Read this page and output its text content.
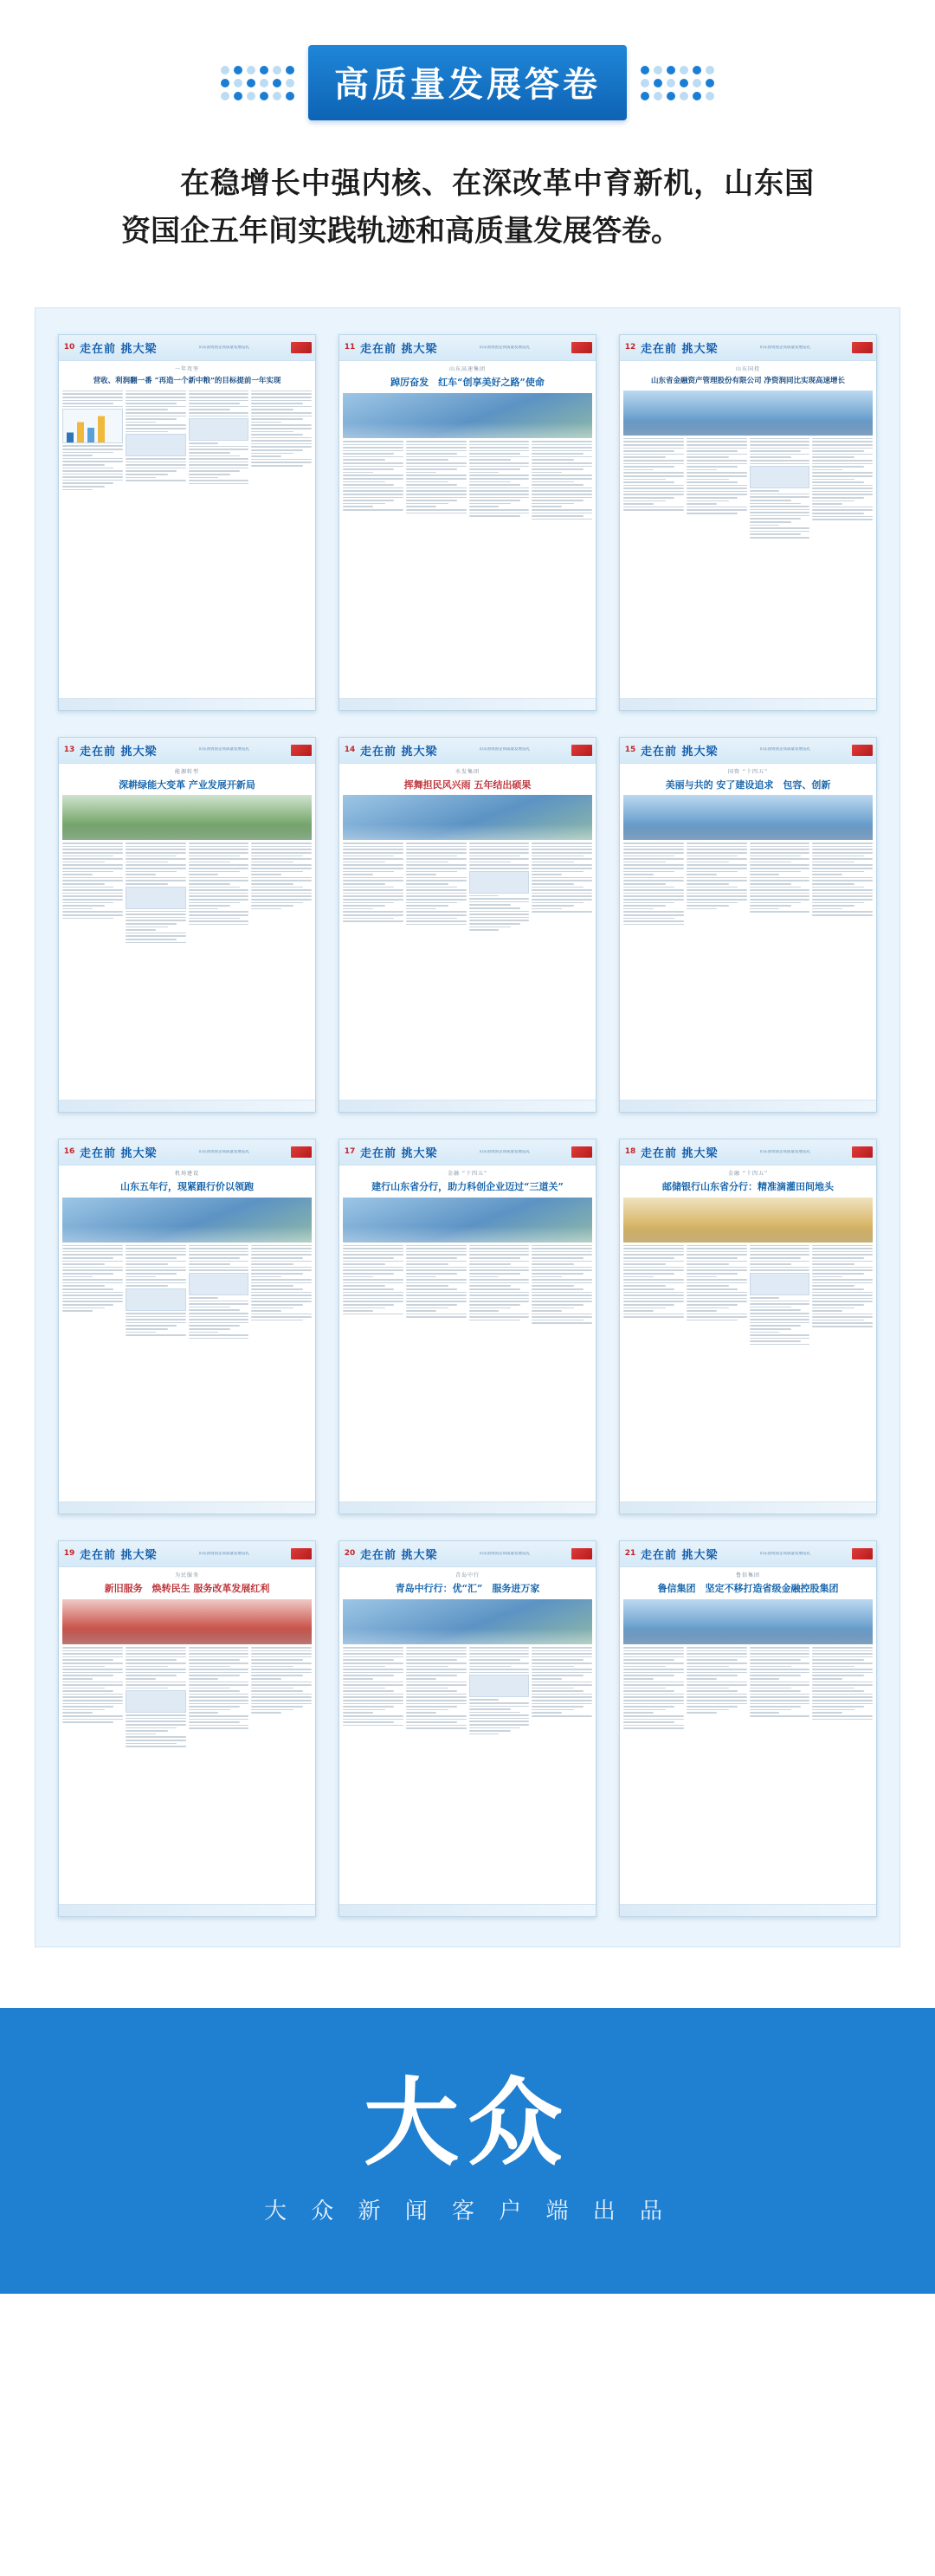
高质量发展答卷

在稳增长中强内核、在深改革中育新机，山东国资国企五年间实践轨迹和高质量发展答卷。

10 走在前 挑大梁	山东国资国企高质量发展巡礼
一年攻坚
营收、利润翻一番 “再造一个新中粮”的目标提前一年实现
11 走在前 挑大梁	山东国资国企高质量发展巡礼
山东高速集团
踔厉奋发　红车“创享美好之路”使命
12 走在前 挑大梁	山东国资国企高质量发展巡礼
山东国投
山东省金融资产管理股份有限公司 净资润同比实现高速增长
13 走在前 挑大梁	山东国资国企高质量发展巡礼
能源转型
深耕绿能大变革 产业发展开新局
14 走在前 挑大梁	山东国资国企高质量发展巡礼
水发集团
挥舞担民风兴雨 五年结出硕果
15 走在前 挑大梁	山东国资国企高质量发展巡礼
国资 “十四五”
美丽与共的 安了建设追求　包容、创新
16 走在前 挑大梁	山东国资国企高质量发展巡礼
机场建设
山东五年行，现紧跟行价以领跑
17 走在前 挑大梁	山东国资国企高质量发展巡礼
金融 “十四五”
建行山东省分行，助力科创企业迈过“三道关”
18 走在前 挑大梁	山东国资国企高质量发展巡礼
金融 “十四五”
邮储银行山东省分行：精准滴灌田间地头
19 走在前 挑大梁	山东国资国企高质量发展巡礼
为民服务
新旧服务　焕转民生 服务改革发展红利
20 走在前 挑大梁	山东国资国企高质量发展巡礼
青岛中行
青岛中行行：优“汇”　服务进万家
21 走在前 挑大梁	山东国资国企高质量发展巡礼
鲁信集团
鲁信集团　坚定不移打造省级金融控股集团
大众
大 众 新 闻 客 户 端 出 品
